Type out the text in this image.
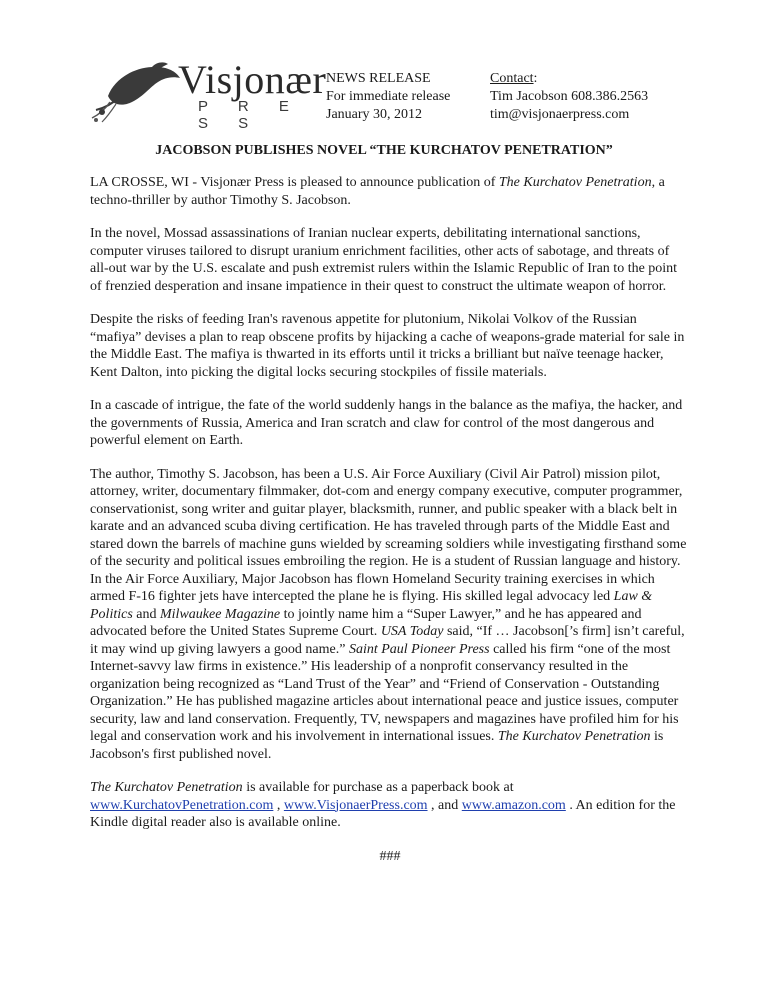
Visjonær
P R E S S
NEWS RELEASE
For immediate release
January 30, 2012
Contact:
Tim Jacobson 608.386.2563
tim@visjonaerpress.com
JACOBSON PUBLISHES NOVEL “THE KURCHATOV PENETRATION”

LA CROSSE, WI - Visjonær Press is pleased to announce publication of The Kurchatov Penetration, a techno-thriller by author Timothy S. Jacobson.

In the novel, Mossad assassinations of Iranian nuclear experts, debilitating international sanctions, computer viruses tailored to disrupt uranium enrichment facilities, other acts of sabotage, and threats of all-out war by the U.S. escalate and push extremist rulers within the Islamic Republic of Iran to the point of frenzied desperation and insane impatience in their quest to construct the ultimate weapon of horror.

Despite the risks of feeding Iran's ravenous appetite for plutonium, Nikolai Volkov of the Russian “mafiya” devises a plan to reap obscene profits by hijacking a cache of weapons-grade material for sale in the Middle East. The mafiya is thwarted in its efforts until it tricks a brilliant but naïve teenage hacker, Kent Dalton, into picking the digital locks securing stockpiles of fissile materials.

In a cascade of intrigue, the fate of the world suddenly hangs in the balance as the mafiya, the hacker, and the governments of Russia, America and Iran scratch and claw for control of the most dangerous and powerful element on Earth.

The author, Timothy S. Jacobson, has been a U.S. Air Force Auxiliary (Civil Air Patrol) mission pilot, attorney, writer, documentary filmmaker, dot-com and energy company executive, computer programmer, conservationist, song writer and guitar player, blacksmith, runner, and public speaker with a black belt in karate and an advanced scuba diving certification. He has traveled through parts of the Middle East and stared down the barrels of machine guns wielded by screaming soldiers while investigating firsthand some of the security and political issues embroiling the region. He is a student of Russian language and history. In the Air Force Auxiliary, Major Jacobson has flown Homeland Security training exercises in which armed F-16 fighter jets have intercepted the plane he is flying. His skilled legal advocacy led Law & Politics and Milwaukee Magazine to jointly name him a “Super Lawyer,” and he has appeared and advocated before the United States Supreme Court. USA Today said, “If … Jacobson[’s firm] isn’t careful, it may wind up giving lawyers a good name.” Saint Paul Pioneer Press called his firm “one of the most Internet-savvy law firms in existence.” His leadership of a nonprofit conservancy resulted in the organization being recognized as “Land Trust of the Year” and “Friend of Conservation - Outstanding Organization.” He has published magazine articles about international peace and justice issues, computer security, law and land conservation. Frequently, TV, newspapers and magazines have profiled him for his legal and conservation work and his involvement in international issues. The Kurchatov Penetration is Jacobson's first published novel.

The Kurchatov Penetration is available for purchase as a paperback book at www.KurchatovPenetration.com , www.VisjonaerPress.com , and www.amazon.com . An edition for the Kindle digital reader also is available online.

###
